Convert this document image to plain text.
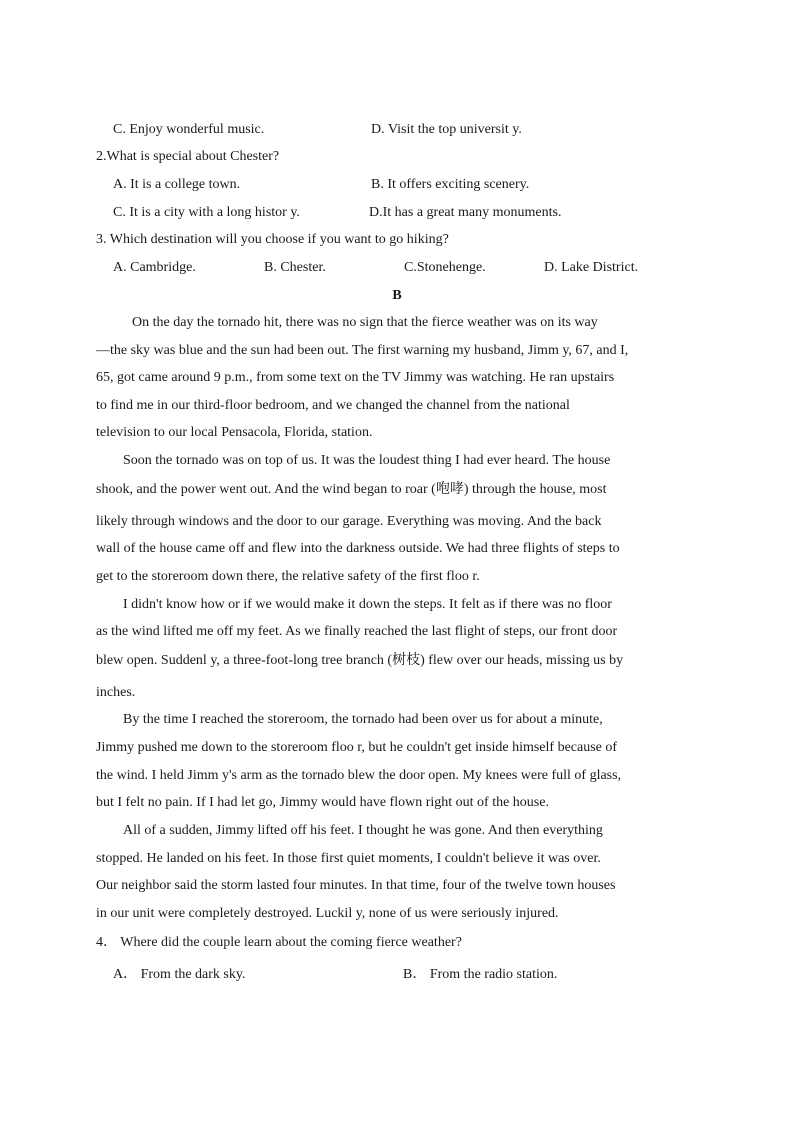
C. Enjoy wonderful music.	D. Visit the top universit y.
2.What is special about Chester?
A. It is a college town.	B. It offers exciting scenery.
C. It is a city with a long histor y.	D.It has a great many monuments.
3. Which destination will you choose if you want to go hiking?
A. Cambridge.	B. Chester.	C.Stonehenge.	D. Lake District.
B
On the day the tornado hit, there was no sign that the fierce weather was on its way
—the sky was blue and the sun had been out. The first warning my husband, Jimm y, 67, and I,
65, got came around 9 p.m., from some text on the TV Jimmy was watching. He ran upstairs
to find me in our third-floor bedroom, and we changed the channel from the national
television to our local Pensacola, Florida, station.
Soon the tornado was on top of us. It was the loudest thing I had ever heard. The house
shook, and the power went out. And the wind began to roar (咆哮) through the house, most
likely through windows and the door to our garage. Everything was moving. And the back
wall of the house came off and flew into the darkness outside. We had three flights of steps to
get to the storeroom down there, the relative safety of the first floo r.
I didn't know how or if we would make it down the steps. It felt as if there was no floor
as the wind lifted me off my feet. As we finally reached the last flight of steps, our front door
blew open. Suddenl y, a three-foot-long tree branch (树枝) flew over our heads, missing us by
inches.
By the time I reached the storeroom, the tornado had been over us for about a minute,
Jimmy pushed me down to the storeroom floo r, but he couldn't get inside himself because of
the wind. I held Jimm y's arm as the tornado blew the door open. My knees were full of glass,
but I felt no pain. If I had let go, Jimmy would have flown right out of the house.
All of a sudden, Jimmy lifted off his feet. I thought he was gone. And then everything
stopped. He landed on his feet. In those first quiet moments, I couldn't believe it was over.
Our neighbor said the storm lasted four minutes. In that time, four of the twelve town houses
in our unit were completely destroyed. Luckil y, none of us were seriously injured.
4． Where did the couple learn about the coming fierce weather?
A． From the dark sky.	B． From the radio station.
